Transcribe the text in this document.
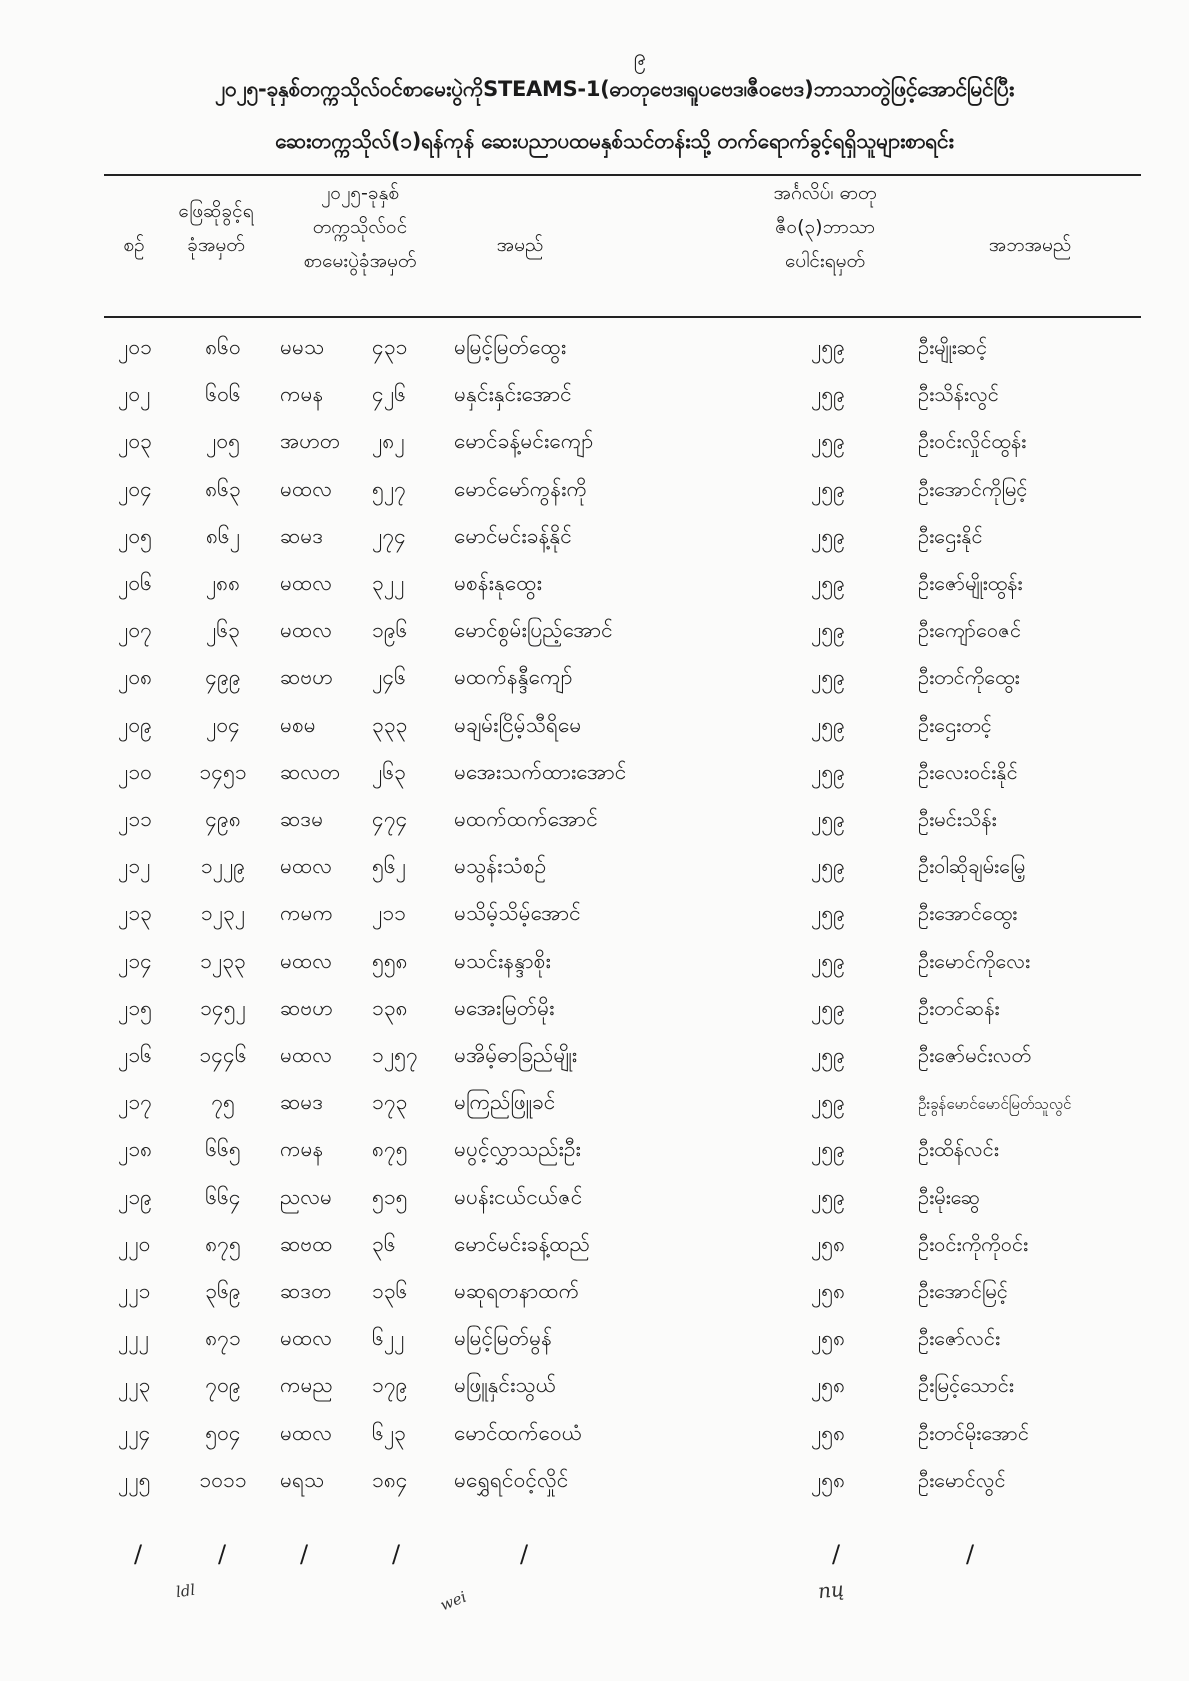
၉
၂၀၂၅-ခုနှစ်တက္ကသိုလ်ဝင်စာမေးပွဲကိုSTEAMS-1(ဓာတုဗေဒ၊ရူပဗေဒ၊ဇီဝဗေဒ)ဘာသာတွဲဖြင့်အောင်မြင်ပြီး
ဆေးတက္ကသိုလ်(၁)ရန်ကုန် ဆေးပညာပထမနှစ်သင်တန်းသို့ တက်ရောက်ခွင့်ရရှိသူများစာရင်း
စဉ်
ဖြေဆိုခွင့်ရ
ခုံအမှတ်
၂၀၂၅-ခုနှစ်
တက္ကသိုလ်ဝင်
စာမေးပွဲခုံအမှတ်
အမည်
အင်္ဂလိပ်၊ ဓာတု
ဇီဝ(၃)ဘာသာ
ပေါင်းရမှတ်
အဘအမည်
၂၀၁	၈၆၀	မမသ ၄၃၁ မမြင့်မြတ်ထွေး	၂၅၉	ဦးမျိုးဆင့်
၂၀၂	၆၀၆	ကမန ၄၂၆ မနှင်းနှင်းအောင်	၂၅၉	ဦးသိန်းလွင်
၂၀၃	၂၀၅	အဟတ ၂၈၂ မောင်ခန့်မင်းကျော်	၂၅၉	ဦးဝင်းလှိုင်ထွန်း
၂၀၄	၈၆၃	မထလ ၅၂၇ မောင်မော်ကွန်းကို	၂၅၉	ဦးအောင်ကိုမြင့်
၂၀၅	၈၆၂	ဆမဒ ၂၇၄ မောင်မင်းခန့်နိုင်	၂၅၉	ဦးဌေးနိုင်
၂၀၆	၂၈၈	မထလ ၃၂၂ မစန်းနုထွေး	၂၅၉	ဦးဇော်မျိုးထွန်း
၂၀၇	၂၆၃	မထလ ၁၉၆ မောင်စွမ်းပြည့်အောင်	၂၅၉	ဦးကျော်ဝေဇင်
၂၀၈	၄၉၉	ဆဗဟ ၂၄၆ မထက်နန္ဒီကျော်	၂၅၉	ဦးတင်ကိုထွေး
၂၀၉	၂၀၄	မစမ	၃၃၃ မချမ်းငြိမ့်သီရိမေ	၂၅၉	ဦးဌေးတင့်
၂၁၀	၁၄၅၁	ဆလတ ၂၆၃ မအေးသက်ထားအောင်	၂၅၉	ဦးလေးဝင်းနိုင်
၂၁၁	၄၉၈	ဆဒမ ၄၇၄ မထက်ထက်အောင်	၂၅၉	ဦးမင်းသိန်း
၂၁၂	၁၂၂၉	မထလ ၅၆၂ မသွန်းသံစဉ်	၂၅၉	ဦးဝါဆိုချမ်းမြေ့
၂၁၃	၁၂၃၂	ကမက ၂၁၁ မသိမ့်သိမ့်အောင်	၂၅၉	ဦးအောင်ထွေး
၂၁၄	၁၂၃၃	မထလ ၅၅၈ မသင်းနန္ဒာစိုး	၂၅၉	ဦးမောင်ကိုလေး
၂၁၅	၁၄၅၂	ဆဗဟ ၁၃၈ မအေးမြတ်မိုး	၂၅၉	ဦးတင်ဆန်း
၂၁၆	၁၄၄၆	မထလ ၁၂၅၇ မအိမ့်ဓာခြည်မျိုး	၂၅၉	ဦးဇော်မင်းလတ်
၂၁၇	၇၅	ဆမဒ ၁၇၃ မကြည်ဖြူခင်	၂၅၉	ဦးခွန်မောင်မောင်မြတ်သူလွင်
၂၁၈	၆၆၅	ကမန ၈၇၅ မပွင့်လွှာသည်းဦး	၂၅၉	ဦးထိန်လင်း
၂၁၉	၆၆၄	ညလမ ၅၁၅ မပန်းငယ်ငယ်ဇင်	၂၅၉	ဦးမိုးဆွေ
၂၂၀	၈၇၅	ဆဗထ ၃၆	မောင်မင်းခန့်ထည်	၂၅၈	ဦးဝင်းကိုကိုဝင်း
၂၂၁	၃၆၉	ဆဒတ ၁၃၆ မဆုရတနာထက်	၂၅၈	ဦးအောင်မြင့်
၂၂၂	၈၇၁	မထလ ၆၂၂ မမြင့်မြတ်မွန်	၂၅၈	ဦးဇော်လင်း
၂၂၃	၇၀၉	ကမည ၁၇၉ မဖြူနှင်းသွယ်	၂၅၈	ဦးမြင့်သောင်း
၂၂၄	၅၀၄	မထလ ၆၂၃ မောင်ထက်ဝေယံ	၂၅၈	ဦးတင်မိုးအောင်
၂၂၅	၁၀၁၁	မရသ ၁၈၄ မရွှေရင်ဝင့်လှိုင်	၂၅၈	ဦးမောင်လွင်
/	/	/	/	/	/	/
ldl	wei	nų
